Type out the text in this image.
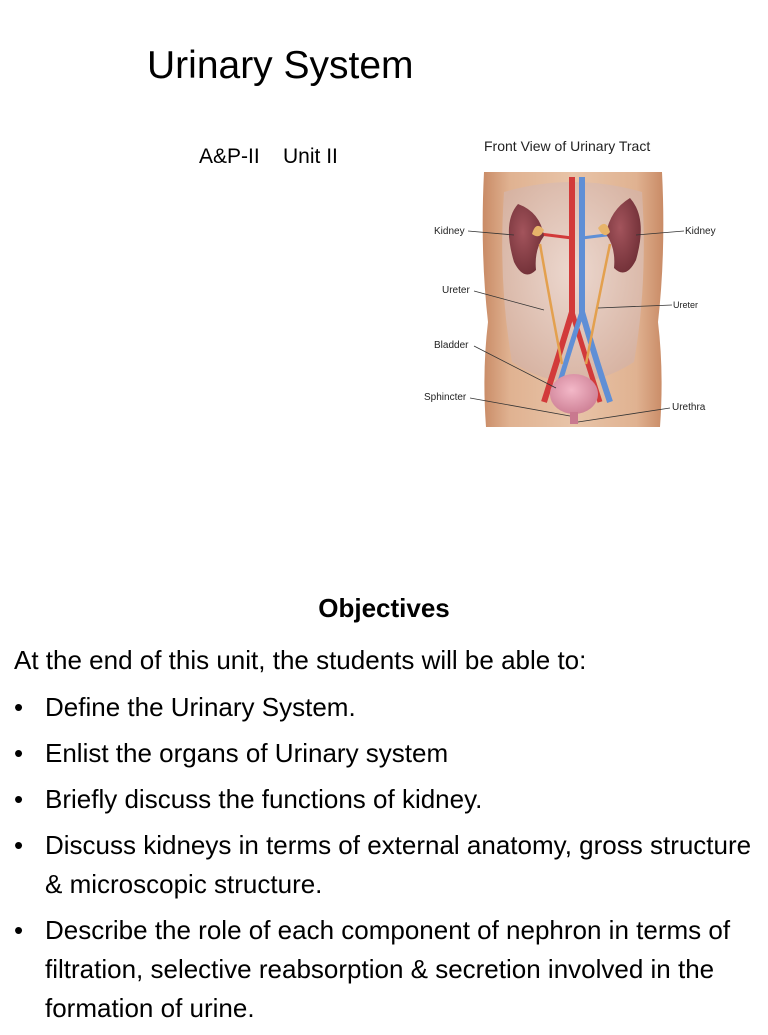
Urinary System
A&P-II    Unit II	Front View of Urinary Tract
Kidney	Kidney
Ureter
Ureter
Bladder
Sphincter
Urethra
Objectives
At the end of this unit, the students will be able to:
• Define the Urinary System.
• Enlist the organs of Urinary system
• Briefly discuss the functions of kidney.
• Discuss kidneys in terms of external anatomy, gross structure & microscopic structure.
• Describe the role of each component of nephron in terms of filtration, selective reabsorption & secretion involved in the formation of urine.
